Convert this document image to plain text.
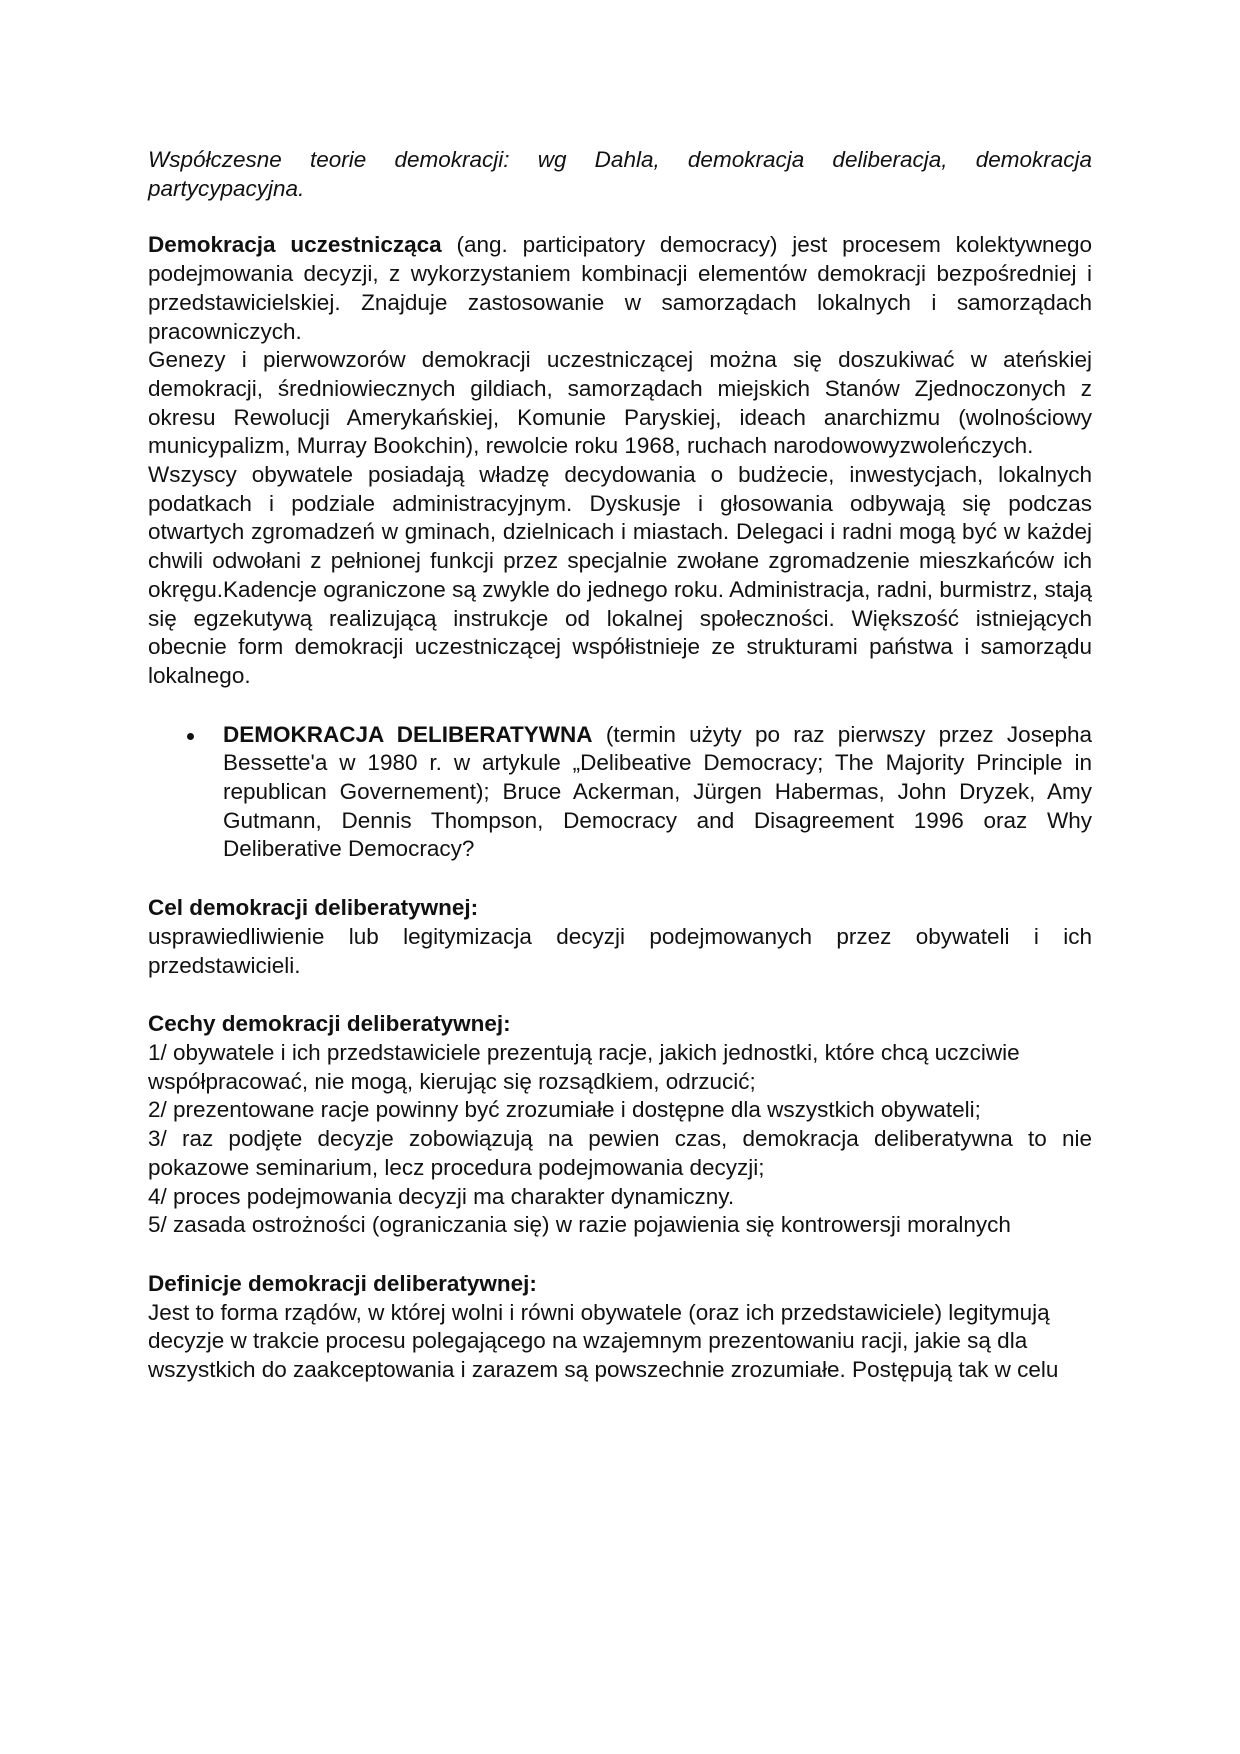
Współczesne teorie demokracji: wg Dahla, demokracja deliberacja, demokracja partycypacyjna.

Demokracja uczestnicząca (ang. participatory democracy) jest procesem kolektywnego podejmowania decyzji, z wykorzystaniem kombinacji elementów demokracji bezpośredniej i przedstawicielskiej. Znajduje zastosowanie w samorządach lokalnych i samorządach pracowniczych.

Genezy i pierwowzorów demokracji uczestniczącej można się doszukiwać w ateńskiej demokracji, średniowiecznych gildiach, samorządach miejskich Stanów Zjednoczonych z okresu Rewolucji Amerykańskiej, Komunie Paryskiej, ideach anarchizmu (wolnościowy municypalizm, Murray Bookchin), rewolcie roku 1968, ruchach narodowowyzwoleńczych.

Wszyscy obywatele posiadają władzę decydowania o budżecie, inwestycjach, lokalnych podatkach i podziale administracyjnym. Dyskusje i głosowania odbywają się podczas otwartych zgromadzeń w gminach, dzielnicach i miastach. Delegaci i radni mogą być w każdej chwili odwołani z pełnionej funkcji przez specjalnie zwołane zgromadzenie mieszkańców ich okręgu.Kadencje ograniczone są zwykle do jednego roku. Administracja, radni, burmistrz, stają się egzekutywą realizującą instrukcje od lokalnej społeczności. Większość istniejących obecnie form demokracji uczestniczącej współistnieje ze strukturami państwa i samorządu lokalnego.

DEMOKRACJA DELIBERATYWNA (termin użyty po raz pierwszy przez Josepha Bessette'a w 1980 r. w artykule „Delibeative Democracy; The Majority Principle in republican Governement); Bruce Ackerman, Jürgen Habermas, John Dryzek, Amy Gutmann, Dennis Thompson, Democracy and Disagreement 1996 oraz Why Deliberative Democracy?

Cel demokracji deliberatywnej:

usprawiedliwienie lub legitymizacja decyzji podejmowanych przez obywateli i ich przedstawicieli.

Cechy demokracji deliberatywnej:

1/ obywatele i ich przedstawiciele prezentują racje, jakich jednostki, które chcą uczciwie

współpracować, nie mogą, kierując się rozsądkiem, odrzucić;

2/ prezentowane racje powinny być zrozumiałe i dostępne dla wszystkich obywateli;

3/ raz podjęte decyzje zobowiązują na pewien czas, demokracja deliberatywna to nie pokazowe seminarium, lecz procedura podejmowania decyzji;

4/ proces podejmowania decyzji ma charakter dynamiczny.

5/ zasada ostrożności (ograniczania się) w razie pojawienia się kontrowersji moralnych

Definicje demokracji deliberatywnej:

Jest to forma rządów, w której wolni i równi obywatele (oraz ich przedstawiciele) legitymują

decyzje w trakcie procesu polegającego na wzajemnym prezentowaniu racji, jakie są dla

wszystkich do zaakceptowania i zarazem są powszechnie zrozumiałe. Postępują tak w celu
